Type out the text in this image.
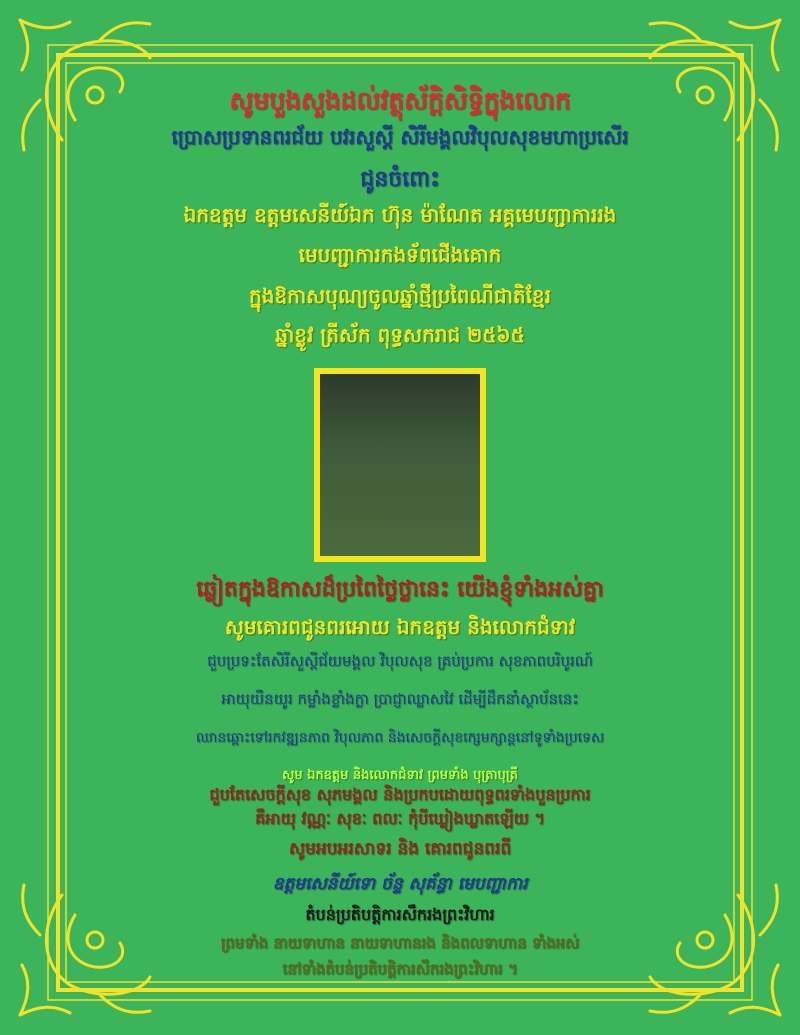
សូមបួងសួងដល់វត្ថុស័ក្តិសិទ្ធិក្នុងលោក
ប្រោសប្រទានពរជ័យ បវរសួស្តី សិរីមង្គលវិបុលសុខមហាប្រសើរ
ជូនចំពោះ
ឯកឧត្តម ឧត្តមសេនីយ៍ឯក ហ៊ុន ម៉ាណែត អគ្គមេបញ្ជាការរង
មេបញ្ជាការកងទ័ពជើងគោក
ក្នុងឱកាសបុណ្យចូលឆ្នាំថ្មីប្រពៃណីជាតិខ្មែរ
ឆ្នាំខ្លូវ ត្រីស័ក ពុទ្ធសករាជ ២៥៦៥
ឆ្លៀតក្នុងឱកាសដ៏ប្រពៃថ្លៃថ្លានេះ យើងខ្ញុំទាំងអស់គ្នា
សូមគោរពជូនពរអោយ ឯកឧត្តម និងលោកជំទាវ
ជួបប្រទះតែសិរីសួស្តីជ័យមង្គល វិបុលសុខ គ្រប់ប្រការ សុខភាពបរិបូរណ៍
អាយុយឺនយូរ កម្លាំងខ្លាំងក្លា ប្រាជ្ញាឈ្លាសវៃ ដើម្បីដឹកនាំស្ថាប័ននេះ
ឈានឆ្ពោះទៅរកវឌ្ឍនភាព វិបុលភាព និងសេចក្តីសុខក្សេមក្សាន្តនៅទូទាំងប្រទេស
សូម ឯកឧត្តម និងលោកជំទាវ ព្រមទាំង បុត្រាបុត្រី
ជួបតែសេចក្តីសុខ សុភមង្គល និងប្រកបដោយពុទ្ធពរទាំងបួនប្រការ
គឺអាយុ វណ្ណៈ សុខៈ ពលៈ កុំបីឃ្លៀងឃ្លាតឡើយ ។
សូមអបអរសាទរ និង គោរពជូនពរពី
ឧត្តមសេនីយ៍ទោ ច័ន្ទ សុគ័ន្ធា មេបញ្ជាការ
តំបន់ប្រតិបត្តិការសឹករងព្រះវិហារ
ព្រមទាំង នាយទាហាន នាយទាហានរង និងពលទាហាន ទាំងអស់
នៅទាំងតំបន់ប្រតិបត្តិការសឹករងព្រះវិហារ ។
